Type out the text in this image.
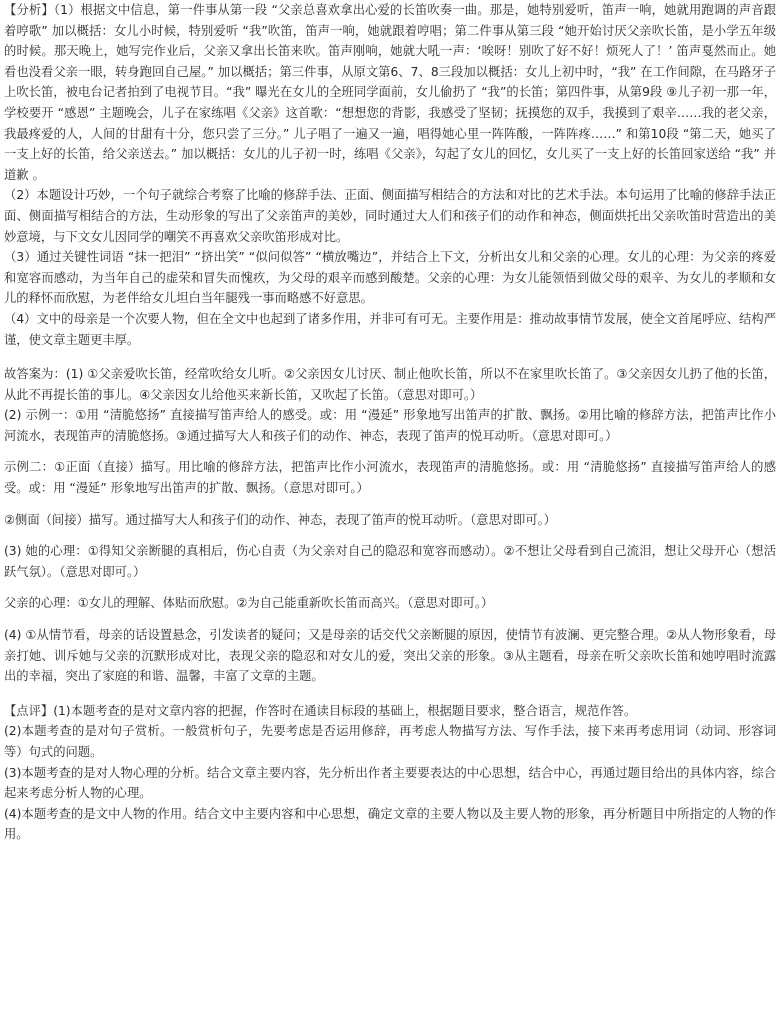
【分析】（1）根据文中信息，第一件事从第一段 “父亲总喜欢拿出心爱的长笛吹奏一曲。那是，她特别爱听，笛声一响，她就用跑调的声音跟着哼歌” 加以概括：女儿小时候，特别爱听 “我”吹笛，笛声一响，她就跟着哼唱；第二件事从第三段 “她开始讨厌父亲吹长笛，是小学五年级的时候。那天晚上，她写完作业后，父亲又拿出长笛来吹。笛声刚响，她就大吼一声：‘唉呀！别吹了好不好！烦死人了！’ 笛声戛然而止。她看也没看父亲一眼，转身跑回自己屋。” 加以概括；第三件事，从原文第6、7、8三段加以概括：女儿上初中时，“我” 在工作间隙，在马路牙子上吹长笛，被电台记者拍到了电视节目。“我” 曝光在女儿的全班同学面前，女儿偷扔了 “我”的长笛；第四件事，从第9段 ⑨儿子初一那一年，学校要开 “感恩” 主题晚会，儿子在家练唱《父亲》这首歌：“想想您的背影，我感受了坚韧；抚摸您的双手，我摸到了艰辛……我的老父亲，我最疼爱的人，人间的甘甜有十分，您只尝了三分。” 儿子唱了一遍又一遍，唱得她心里一阵阵酸，一阵阵疼……” 和第10段 “第二天，她买了一支上好的长笛，给父亲送去。” 加以概括：女儿的儿子初一时，练唱《父亲》，勾起了女儿的回忆，女儿买了一支上好的长笛回家送给 “我” 并道歉 。

（2）本题设计巧妙，一个句子就综合考察了比喻的修辞手法、正面、侧面描写相结合的方法和对比的艺术手法。本句运用了比喻的修辞手法正面、侧面描写相结合的方法，生动形象的写出了父亲笛声的美妙，同时通过大人们和孩子们的动作和神态，侧面烘托出父亲吹笛时营造出的美妙意境，与下文女儿因同学的嘲笑不再喜欢父亲吹笛形成对比。

（3）通过关键性词语 “抹一把泪” “挤出笑” “似问似答” “横放嘴边”，并结合上下文，分析出女儿和父亲的心理。女儿的心理：为父亲的疼爱和宽容而感动，为当年自己的虚荣和冒失而愧疚，为父母的艰辛而感到酸楚。父亲的心理：为女儿能领悟到做父母的艰辛、为女儿的孝顺和女儿的释怀而欣慰，为老伴给女儿坦白当年腿残一事而略感不好意思。

（4）文中的母亲是一个次要人物，但在全文中也起到了诸多作用，并非可有可无。主要作用是：推动故事情节发展，使全文首尾呼应、结构严谨，使文章主题更丰厚。

故答案为：(1) ①父亲爱吹长笛，经常吹给女儿听。②父亲因女儿讨厌、制止他吹长笛，所以不在家里吹长笛了。③父亲因女儿扔了他的长笛，从此不再提长笛的事儿。④父亲因女儿给他买来新长笛，又吹起了长笛。（意思对即可。）

(2) 示例一：①用 “清脆悠扬” 直接描写笛声给人的感受。或：用 “漫延” 形象地写出笛声的扩散、飘扬。②用比喻的修辞方法，把笛声比作小河流水，表现笛声的清脆悠扬。③通过描写大人和孩子们的动作、神态，表现了笛声的悦耳动听。（意思对即可。）

示例二：①正面（直接）描写。用比喻的修辞方法，把笛声比作小河流水，表现笛声的清脆悠扬。或：用 “清脆悠扬” 直接描写笛声给人的感受。或：用 “漫延” 形象地写出笛声的扩散、飘扬。（意思对即可。）

②侧面（间接）描写。通过描写大人和孩子们的动作、神态，表现了笛声的悦耳动听。（意思对即可。）

(3) 她的心理：①得知父亲断腿的真相后，伤心自责（为父亲对自己的隐忍和宽容而感动）。②不想让父母看到自己流泪，想让父母开心（想活跃气氛）。（意思对即可。）

父亲的心理：①女儿的理解、体贴而欣慰。②为自己能重新吹长笛而高兴。（意思对即可。）

(4) ①从情节看，母亲的话设置悬念，引发读者的疑问；又是母亲的话交代父亲断腿的原因，使情节有波澜、更完整合理。②从人物形象看，母亲打她、训斥她与父亲的沉默形成对比，表现父亲的隐忍和对女儿的爱，突出父亲的形象。③从主题看，母亲在听父亲吹长笛和她哼唱时流露出的幸福，突出了家庭的和谐、温馨，丰富了文章的主题。

【点评】(1)本题考查的是对文章内容的把握，作答时在通读目标段的基础上，根据题目要求，整合语言，规范作答。

(2)本题考查的是对句子赏析。一般赏析句子，先要考虑是否运用修辞，再考虑人物描写方法、写作手法，接下来再考虑用词（动词、形容词等）句式的问题。

(3)本题考查的是对人物心理的分析。结合文章主要内容，先分析出作者主要要表达的中心思想，结合中心，再通过题目给出的具体内容，综合起来考虑分析人物的心理。

(4)本题考查的是文中人物的作用。结合文中主要内容和中心思想，确定文章的主要人物以及主要人物的形象，再分析题目中所指定的人物的作用。
